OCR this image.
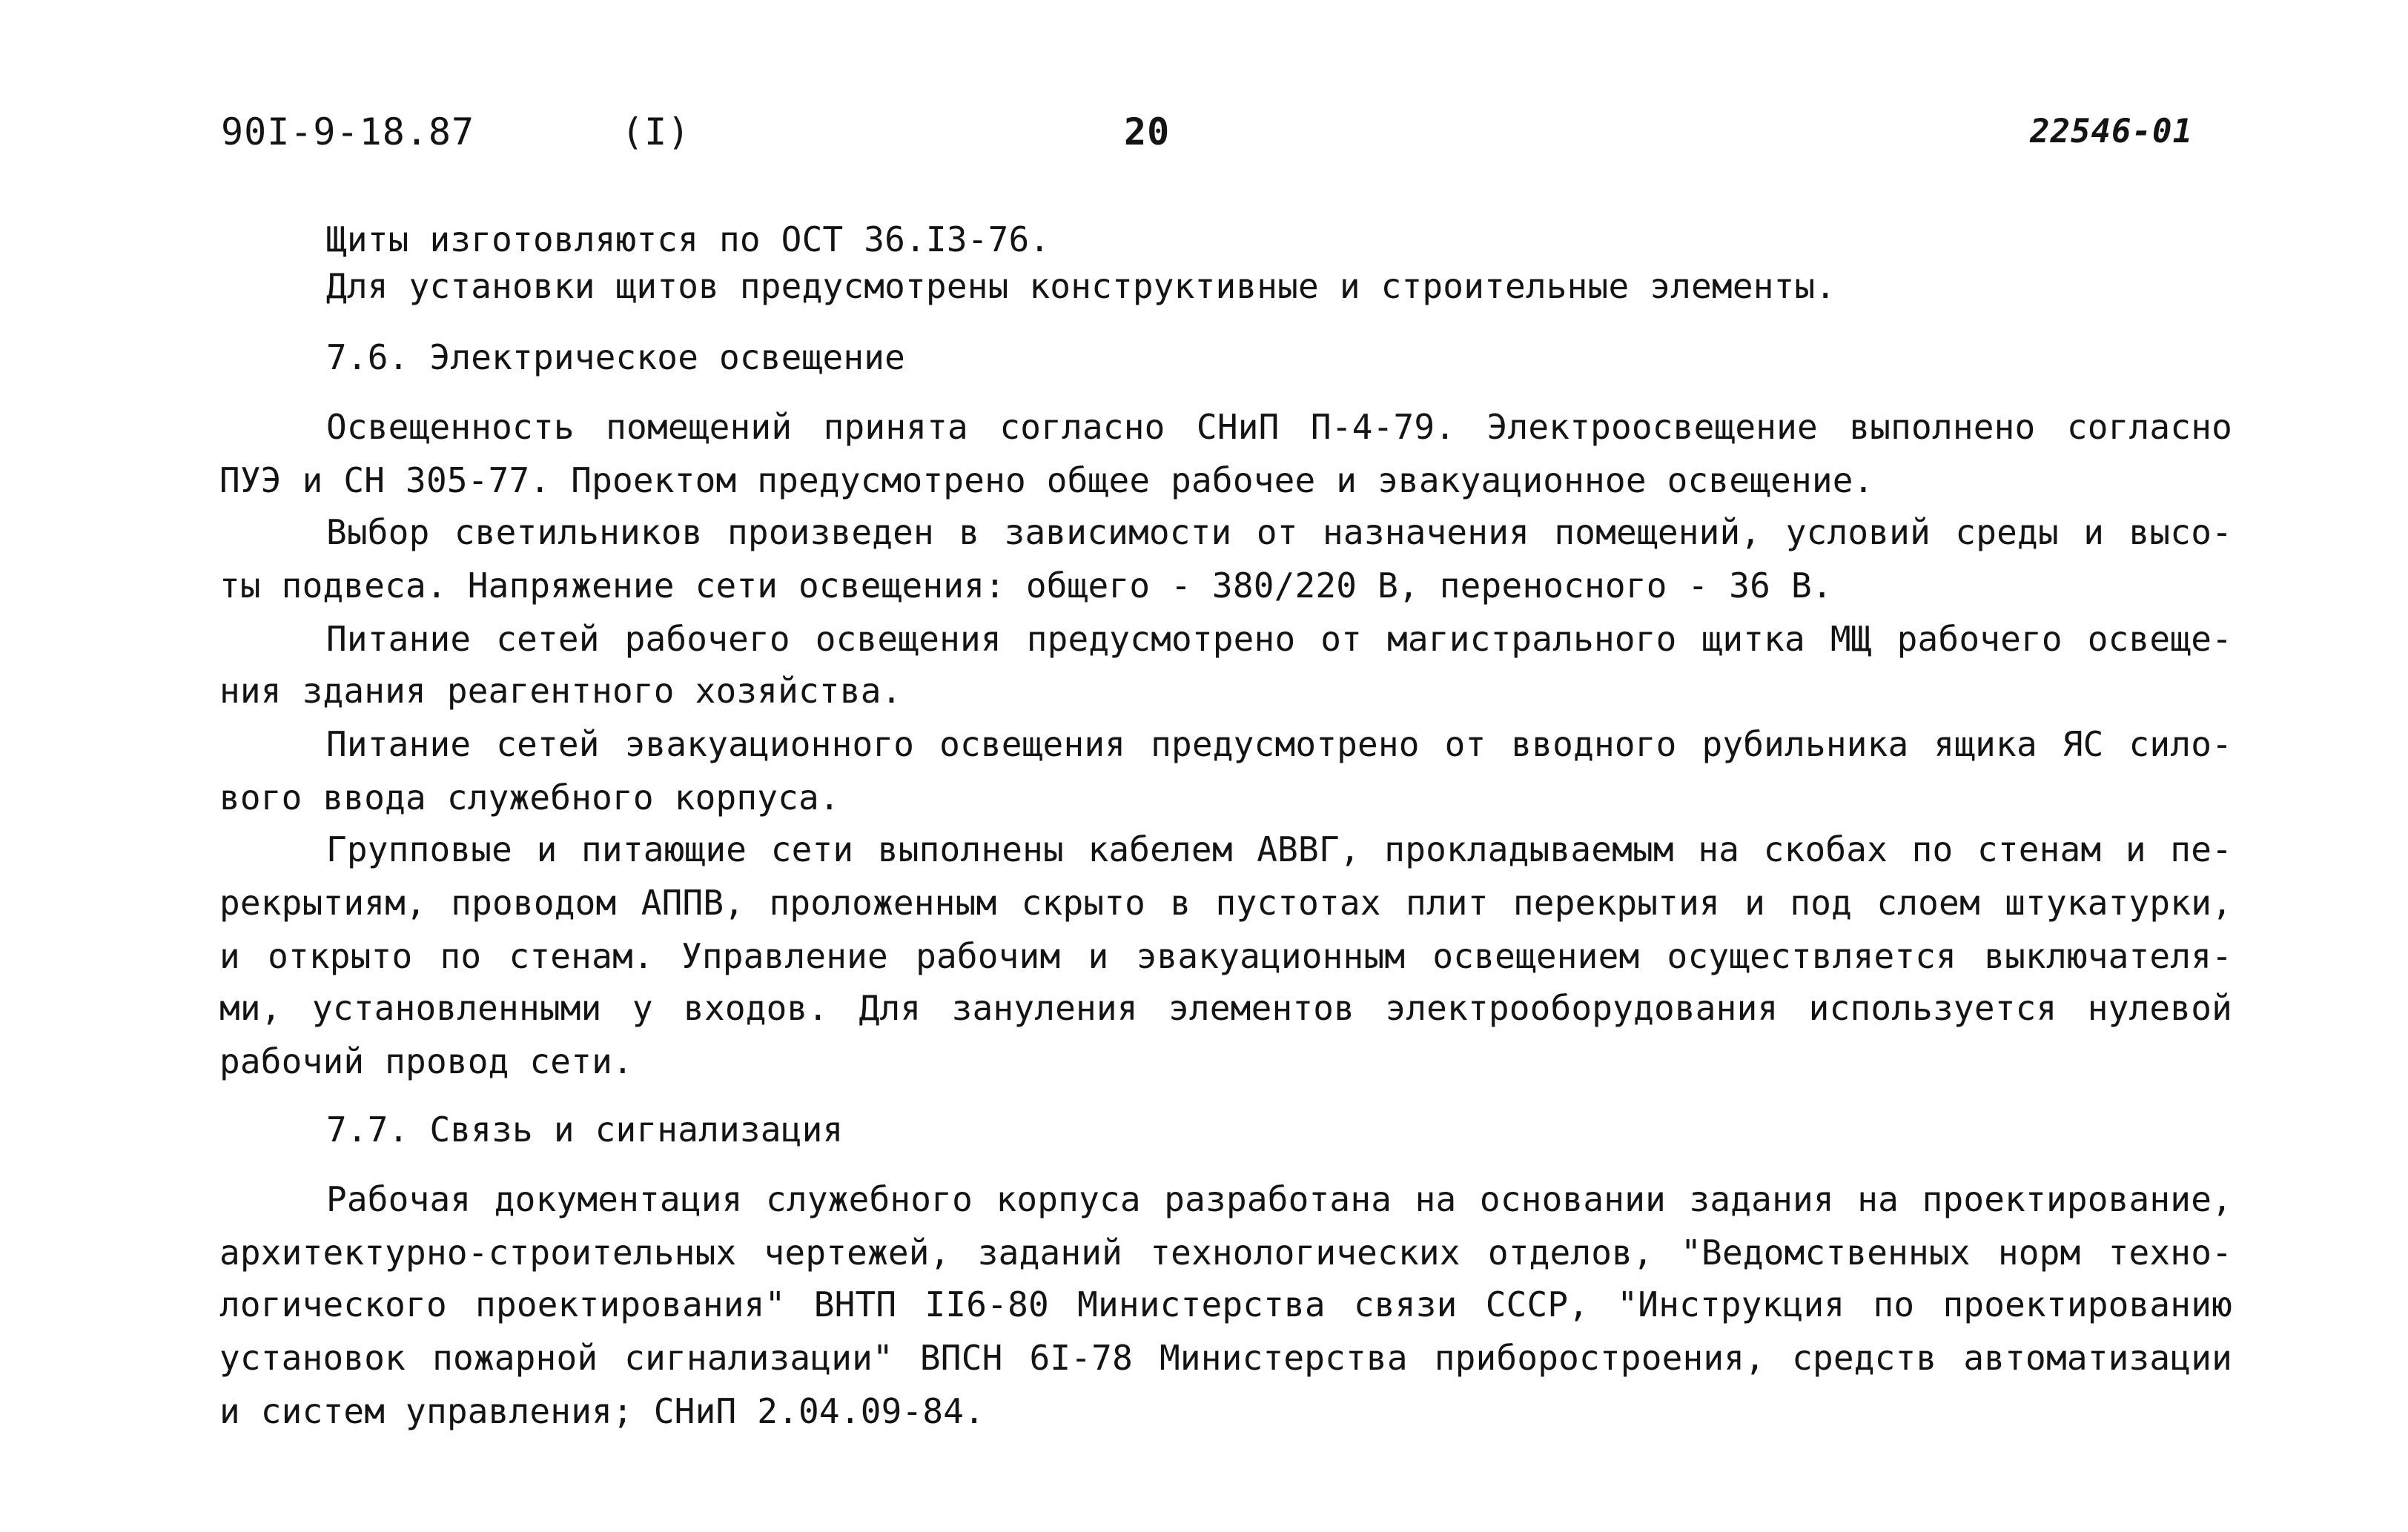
90I-9-18.87	(I)	20	22546-01
Щиты изготовляются по ОСТ 36.I3-76.
Для установки щитов предусмотрены конструктивные и строительные элементы.
7.6. Электрическое освещение
Освещенность помещений принята согласно СНиП П-4-79. Электроосвещение выполнено согласно
ПУЭ и СН 305-77. Проектом предусмотрено общее рабочее и эвакуационное освещение.
Выбор светильников произведен в зависимости от назначения помещений, условий среды и высо-
ты подвеса. Напряжение сети освещения: общего - 380/220 В, переносного - 36 В.
Питание сетей рабочего освещения предусмотрено от магистрального щитка МЩ рабочего освеще-
ния здания реагентного хозяйства.
Питание сетей эвакуационного освещения предусмотрено от вводного рубильника ящика ЯС сило-
вого ввода служебного корпуса.
Групповые и питающие сети выполнены кабелем АВВГ, прокладываемым на скобах по стенам и пе-
рекрытиям, проводом АППВ, проложенным скрыто в пустотах плит перекрытия и под слоем штукатурки,
и открыто по стенам. Управление рабочим и эвакуационным освещением осуществляется выключателя-
ми, установленными у входов. Для зануления элементов электрооборудования используется нулевой
рабочий провод сети.
7.7. Связь и сигнализация
Рабочая документация служебного корпуса разработана на основании задания на проектирование,
архитектурно-строительных чертежей, заданий технологических отделов, "Ведомственных норм техно-
логического проектирования" ВНТП II6-80 Министерства связи СССР, "Инструкция по проектированию
установок пожарной сигнализации" ВПСН 6I-78 Министерства приборостроения, средств автоматизации
и систем управления; СНиП 2.04.09-84.
